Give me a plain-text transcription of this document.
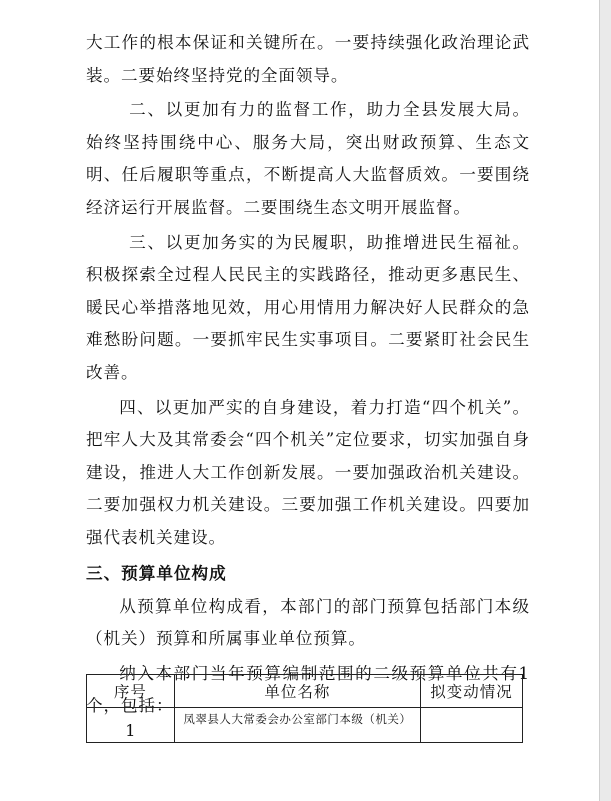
大工作的根本保证和关键所在。一要持续强化政治理论武装。二要始终坚持党的全面领导。

二、以更加有力的监督工作，助力全县发展大局。始终坚持围绕中心、服务大局，突出财政预算、生态文明、任后履职等重点，不断提高人大监督质效。一要围绕经济运行开展监督。二要围绕生态文明开展监督。

三、以更加务实的为民履职，助推增进民生福祉。积极探索全过程人民民主的实践路径，推动更多惠民生、暖民心举措落地见效，用心用情用力解决好人民群众的急难愁盼问题。一要抓牢民生实事项目。二要紧盯社会民生改善。

四、以更加严实的自身建设，着力打造“四个机关”。把牢人大及其常委会“四个机关”定位要求，切实加强自身建设，推进人大工作创新发展。一要加强政治机关建设。二要加强权力机关建设。三要加强工作机关建设。四要加强代表机关建设。

三、预算单位构成

从预算单位构成看，本部门的部门预算包括部门本级（机关）预算和所属事业单位预算。

纳入本部门当年预算编制范围的二级预算单位共有1个，包括：

序号	单位名称	拟变动情况
1	凤翠县人大常委会办公室部门本级（机关）	
